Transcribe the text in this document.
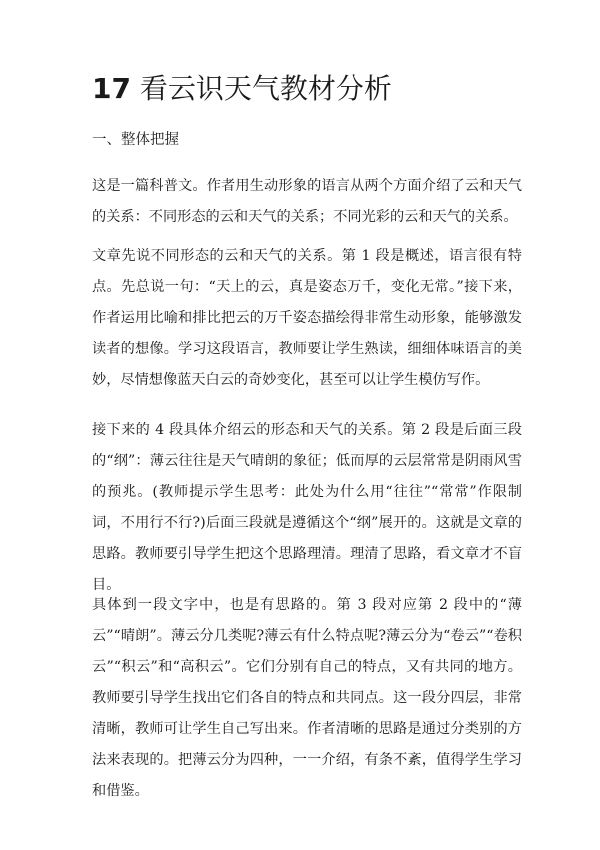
17 看云识天气教材分析

一、整体把握

这是一篇科普文。作者用生动形象的语言从两个方面介绍了云和天气的关系：不同形态的云和天气的关系；不同光彩的云和天气的关系。

文章先说不同形态的云和天气的关系。第 1 段是概述，语言很有特点。先总说一句：“天上的云，真是姿态万千，变化无常。”接下来，作者运用比喻和排比把云的万千姿态描绘得非常生动形象，能够激发读者的想像。学习这段语言，教师要让学生熟读，细细体味语言的美妙，尽情想像蓝天白云的奇妙变化，甚至可以让学生模仿写作。

接下来的 4 段具体介绍云的形态和天气的关系。第 2 段是后面三段的“纲”：薄云往往是天气晴朗的象征；低而厚的云层常常是阴雨风雪的预兆。(教师提示学生思考：此处为什么用“往往”“常常”作限制词，不用行不行?)后面三段就是遵循这个“纲”展开的。这就是文章的思路。教师要引导学生把这个思路理清。理清了思路，看文章才不盲目。

具体到一段文字中，也是有思路的。第 3 段对应第 2 段中的“薄云”“晴朗”。薄云分几类呢?薄云有什么特点呢?薄云分为“卷云”“卷积云”“积云”和“高积云”。它们分别有自己的特点，又有共同的地方。教师要引导学生找出它们各自的特点和共同点。这一段分四层，非常清晰，教师可让学生自己写出来。作者清晰的思路是通过分类别的方法来表现的。把薄云分为四种，一一介绍，有条不紊，值得学生学习和借鉴。
